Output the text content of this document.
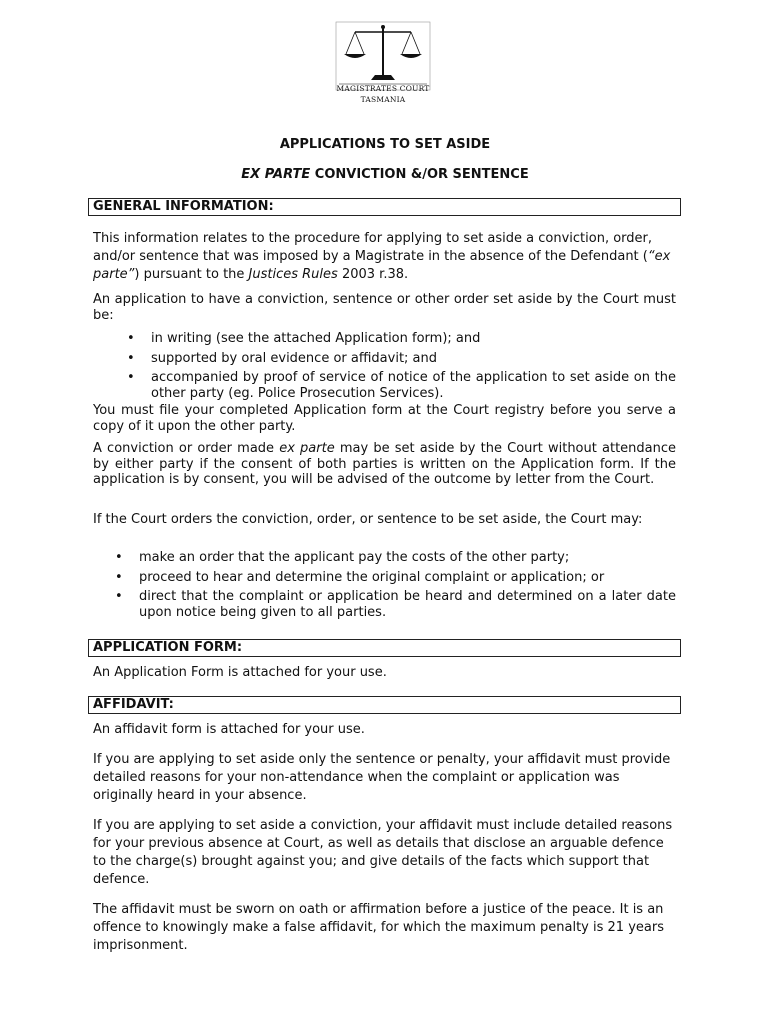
MAGISTRATES COURT
TASMANIA
APPLICATIONS TO SET ASIDE
EX PARTE CONVICTION &/OR SENTENCE
GENERAL INFORMATION:
This information relates to the procedure for applying to set aside a conviction, order, and/or sentence that was imposed by a Magistrate in the absence of the Defendant (“ex parte”) pursuant to the Justices Rules 2003 r.38.
An application to have a conviction, sentence or other order set aside by the Court must be:
• in writing (see the attached Application form); and
• supported by oral evidence or affidavit; and
• accompanied by proof of service of notice of the application to set aside on the other party (eg. Police Prosecution Services).
You must file your completed Application form at the Court registry before you serve a copy of it upon the other party.
A conviction or order made ex parte may be set aside by the Court without attendance by either party if the consent of both parties is written on the Application form. If the application is by consent, you will be advised of the outcome by letter from the Court.
If the Court orders the conviction, order, or sentence to be set aside, the Court may:
• make an order that the applicant pay the costs of the other party;
• proceed to hear and determine the original complaint or application; or
• direct that the complaint or application be heard and determined on a later date upon notice being given to all parties.
APPLICATION FORM:
An Application Form is attached for your use.
AFFIDAVIT:
An affidavit form is attached for your use.
If you are applying to set aside only the sentence or penalty, your affidavit must provide detailed reasons for your non-attendance when the complaint or application was originally heard in your absence.
If you are applying to set aside a conviction, your affidavit must include detailed reasons for your previous absence at Court, as well as details that disclose an arguable defence to the charge(s) brought against you; and give details of the facts which support that defence.
The affidavit must be sworn on oath or affirmation before a justice of the peace. It is an offence to knowingly make a false affidavit, for which the maximum penalty is 21 years imprisonment.
